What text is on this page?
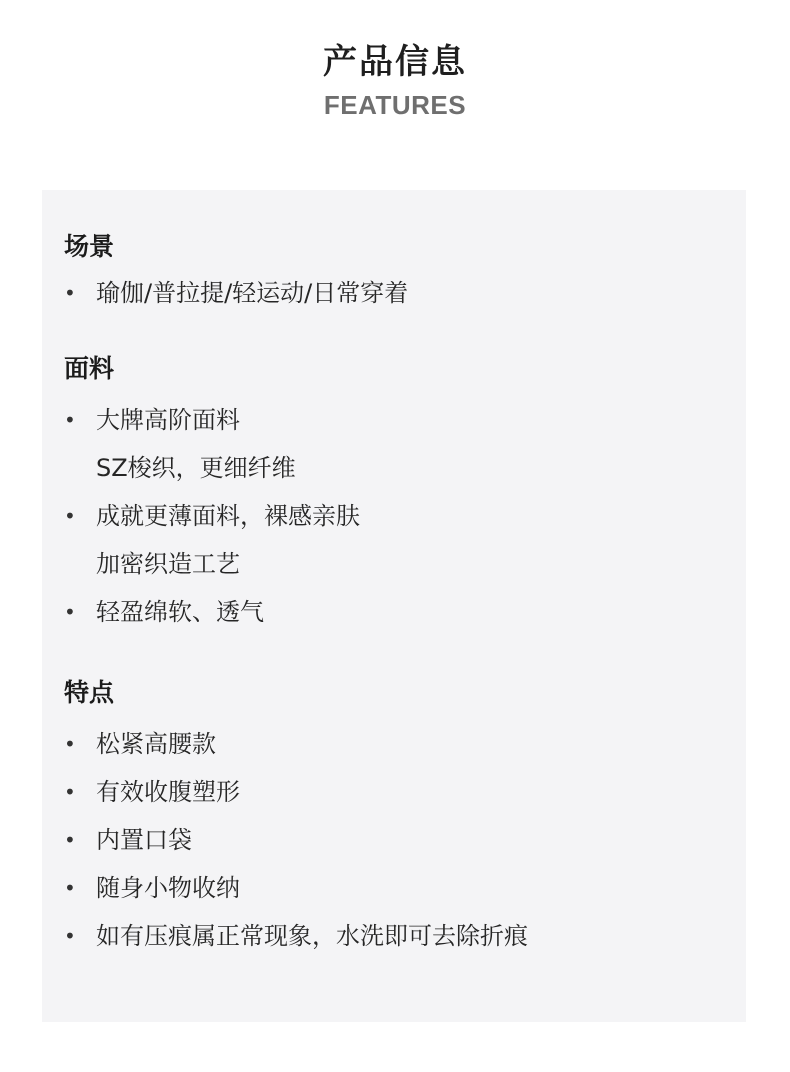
产品信息
FEATURES
场景
• 瑜伽/普拉提/轻运动/日常穿着
面料
• 大牌高阶面料
SZ梭织，更细纤维
• 成就更薄面料，裸感亲肤
加密织造工艺
• 轻盈绵软、透气
特点
• 松紧高腰款
• 有效收腹塑形
• 内置口袋
• 随身小物收纳
• 如有压痕属正常现象，水洗即可去除折痕
